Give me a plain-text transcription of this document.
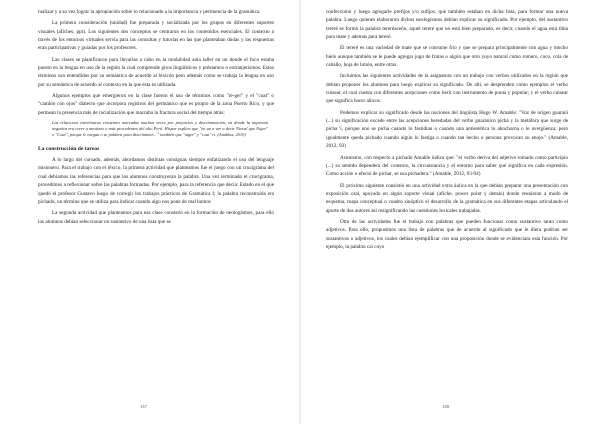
tualizar y a su vez lograr la apropiación sobre lo relacionado a la importancia y pertinencia de la gramática.

La primera consideración (unidad) fue preparada y socializada por los grupos en diferentes soportes visuales (afiches, ppt). Los siguientes dos conceptos se centraron en los contenidos esenciales. El contexto a través de los entornos virtuales servía para las consultas y tutorías en las que planteaban dudas y las respuestas eran participativas y guiadas por los profesores.

Las clases se planificaron para llevarlas a cabo en la modalidad aula taller en un donde el foco estaba puesto en la lengua en uso de la región la cual comprende giros lingüísticos y préstamos o extranjerismos. Estos términos son entendidos por su semántica de acuerdo al léxicón pero además como se trabaja la lengua en uso por su semántica de acuerdo al contexto en la que ésta es utilizada.

Algunos ejemplos que emergieron en la clase fueron el uso de términos como "re-ger" y el "coat" o "cambio con ojos" dialecto que incorpora registros del germánico que es propio de la zona Puerto Rico, y que permean la presencia más de racialización que marcaba la fractura social del tiempo atrás:

Las relaciones interétnicas existentes marcadas muchas veces por prejuicios y discriminación, en donde la impronta negativa era creer a mestizos o más procedentes del alto Perú. Hispor explica que "en un a ver a decir Nieval que Niger" o "Coat", porque le niegan o se palabra para discriminar... " también que "niger" y "coat" ri. (Anablaz, 2010)
La construcción de tareas

A lo largo del cursado, además, abordamos distintas consignas siempre enfatizando el uso del lenguaje misionero. Para el trabajo con el léxico, la primera actividad que planteamos fue el juego con un crucigrama del cual debíamos las referencias para que los alumnos construyeran la palabra. Una vez terminado el crucigrama, procedimos a reflexionar sobre las palabras formadas. Por ejemplo, para la referencia que decía: Estado en el que quedó el profesor Gustavo luego de corregir los trabajos prácticos de Gramática I; la palabra reconstruida era pichado, un término que se utiliza para indicar cuando algo nos pone de mal humor.

La segunda actividad que planteamos para esa clase consistió en la formación de neologismos, para ello los alumnos debían seleccionar un sustantivo de una lista que se

137

confeccionó y luego agregarle prefijos y/o sufijos, que también estaban en dicha lista, para formar una nueva palabra. Luego quienes elaboraron dichos neologismos debían explicar su significado. Por ejemplo, del sustantivo tereré se formó la palabra tereréaceño, aquel tereré que no está bien preparado, es decir, cuando el agua está tibia para mate y además para tereré.

El tereré es una variedad de mate que se consume frío y que se prepara principalmente con agua y mucho hielo aunque también se le puede agregar jugo de frutas o algún que otro yuyo natural como romero, coco, cola de caballo, hoja de limón, entre otras.

Incluimos las siguientes actividades de la asignatura con un trabajo con verbos utilizados en la región que debían proponer los alumnos para luego explicar su significado. De allí, se desprenden como ejemplos el verbo cuisear, el cual cuenta con diferentes acepciones como herir con instrumento de punta y popular; y el verbo cuisear que significa hacer añicos.

Podemos explicar su significado desde las nociones del lingüista Hugo W. Amable: "Voz de origen guaraní (...) su significación excede entre las acepciones heredadas del verbo guaraníco pichá y la metáfora que surge de picha 'i, porque uno se picha cuando lo fastidian o cuando una antiestética lo abochorna o le avergüenza; pero igualmente queda pichado cuando algún lo fastiga o cuando tan hecho o persona provocan su enojo." (Amable, 2012, 93)

Asimismo, con respecto a pichado Amable indica que: "el verbo deriva del adjetivo tomado como participio (...) su sentido dependerá del contexto, la circunstancia y el entorno para saber qué significa en cada expresión. Como acción o efecto de pichar, se usa pichadera." (Amable, 2012, 93-94)

El próximo siguiente consistió en una actividad extra áulica en la que debían preparar una presentación con exposición oral, apoyado en algún soporte visual (afiche, power point y demás) donde reunieran a modo de esquema, mapa conceptual o cuadro sinóptico el desarrollo de la gramática en sus diferentes etapas articulando el aporte de dos autores así resignificando las cuestiones lexicales trabajadas.

Otra de las actividades fue el trabajo con palabras que pueden funcionar como sustantivo tanto como adjetivos. Para ello, propusimos una lista de palabras que de acuerdo al significado que le diera podrían ser sustantivos o adjetivos, los cuales debían ejemplificar con una proposición donde se evidenciara esta función. Por ejemplo, la palabra cai cuyo

138
